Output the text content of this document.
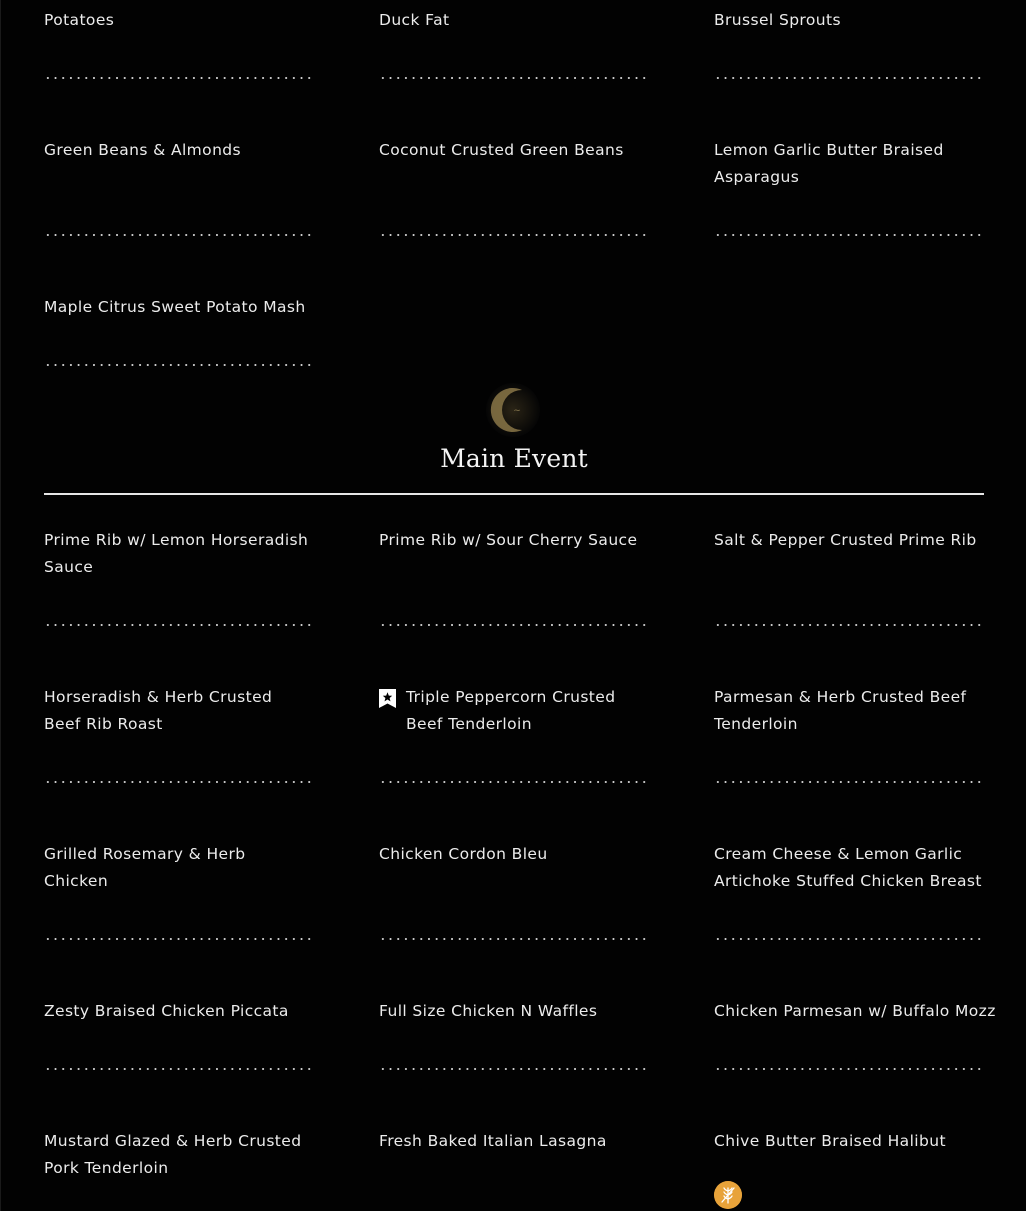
Potatoes	Duck Fat	Brussel Sprouts
Green Beans & Almonds	Coconut Crusted Green Beans	Lemon Garlic Butter Braised Asparagus
Maple Citrus Sweet Potato Mash
~
Main Event
Prime Rib w/ Lemon Horseradish Sauce
Prime Rib w/ Sour Cherry Sauce	Salt & Pepper Crusted Prime Rib
Horseradish & Herb Crusted Beef Rib Roast
Triple Peppercorn Crusted Beef Tenderloin
Parmesan & Herb Crusted Beef Tenderloin
Grilled Rosemary & Herb Chicken
Chicken Cordon Bleu	Cream Cheese & Lemon Garlic Artichoke Stuffed Chicken Breast
Zesty Braised Chicken Piccata	Full Size Chicken N Waffles	Chicken Parmesan w/ Buffalo Mozz
Mustard Glazed & Herb Crusted Pork Tenderloin
Fresh Baked Italian Lasagna	Chive Butter Braised Halibut
